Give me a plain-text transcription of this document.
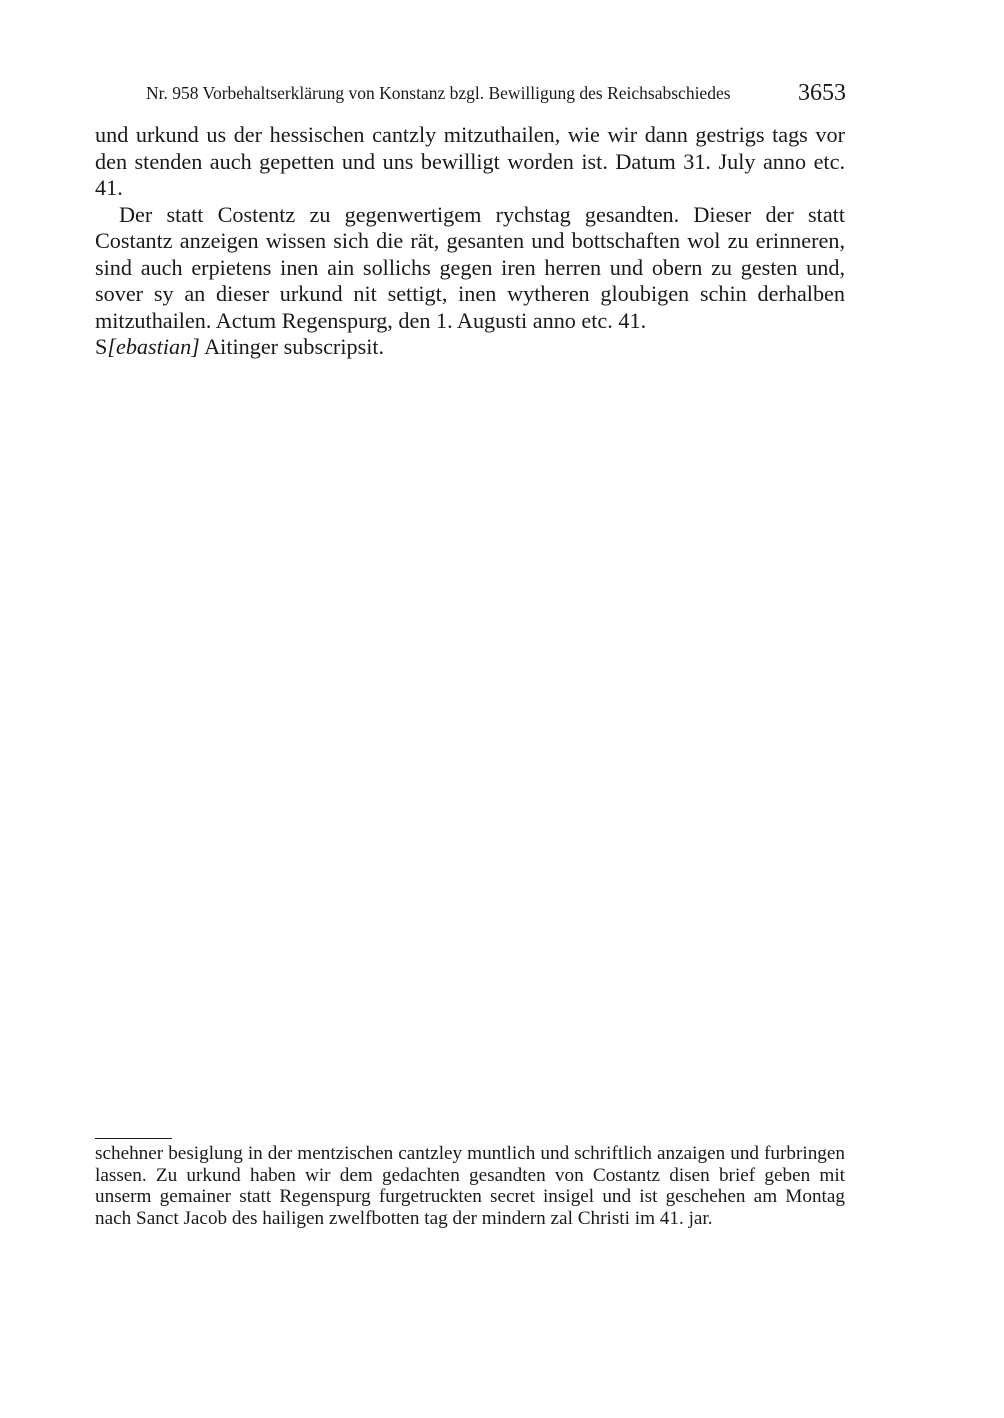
Nr. 958 Vorbehaltserklärung von Konstanz bzgl. Bewilligung des Reichsabschiedes	3653

und urkund us der hessischen cantzly mitzuthailen, wie wir dann gestrigs tags vor den stenden auch gepetten und uns bewilligt worden ist. Datum 31. July anno etc. 41.

Der statt Costentz zu gegenwertigem rychstag gesandten. Dieser der statt Costantz anzeigen wissen sich die rät, gesanten und bottschaften wol zu erinneren, sind auch erpietens inen ain sollichs gegen iren herren und obern zu gesten und, sover sy an dieser urkund nit settigt, inen wytheren gloubigen schin derhalben mitzuthailen. Actum Regenspurg, den 1. Augusti anno etc. 41.

S[ebastian] Aitinger subscripsit.

schehner besiglung in der mentzischen cantzley muntlich und schriftlich anzaigen und furbringen lassen. Zu urkund haben wir dem gedachten gesandten von Costantz disen brief geben mit unserm gemainer statt Regenspurg furgetruckten secret insigel und ist geschehen am Montag nach Sanct Jacob des hailigen zwelfbotten tag der mindern zal Christi im 41. jar.
